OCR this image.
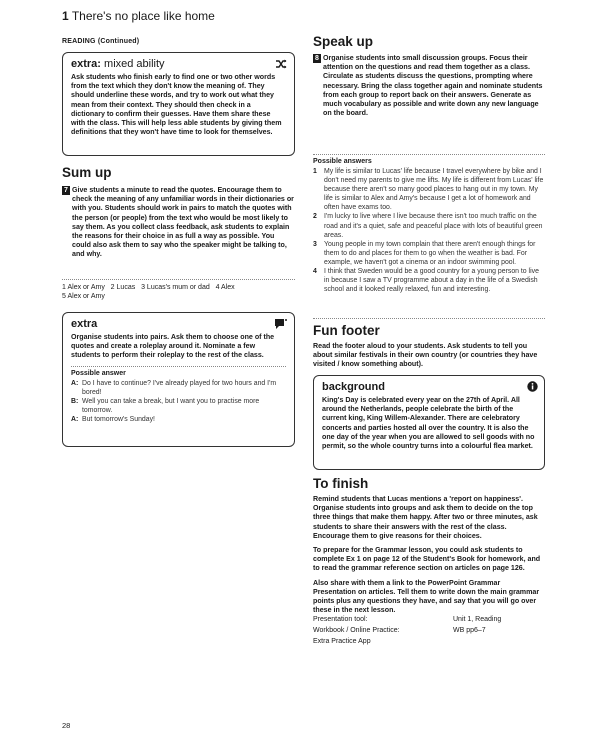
1 There's no place like home
READING (Continued)
extra: mixed ability

Ask students who finish early to find one or two other words from the text which they don't know the meaning of. They should underline these words, and try to work out what they mean from their context. They should then check in a dictionary to confirm their guesses. Have them share these with the class. This will help less able students by giving them definitions that they won't have time to look for themselves.

Sum up

7 Give students a minute to read the quotes. Encourage them to check the meaning of any unfamiliar words in their dictionaries or with you. Students should work in pairs to match the quotes with the person (or people) from the text who would be most likely to say them. As you collect class feedback, ask students to explain the reasons for their choice in as full a way as possible. You could also ask them to say who the speaker might be talking to, and why.

1 Alex or Amy 2 Lucas 3 Lucas's mum or dad 4 Alex
5 Alex or Amy
extra

Organise students into pairs. Ask them to choose one of the quotes and create a roleplay around it. Nominate a few students to perform their roleplay to the rest of the class.

Possible answer
A: Do I have to continue? I've already played for two hours and I'm bored!
B: Well you can take a break, but I want you to practise more tomorrow.
A: But tomorrow's Sunday!

Speak up

8 Organise students into small discussion groups. Focus their attention on the questions and read them together as a class. Circulate as students discuss the questions, prompting where necessary. Bring the class together again and nominate students from each group to report back on their answers. Generate as much vocabulary as possible and write down any new language on the board.

Possible answers
1	My life is similar to Lucas' life because I travel everywhere by bike and I don't need my parents to give me lifts. My life is different from Lucas' life because there aren't so many good places to hang out in my town. My life is similar to Alex and Amy's because I get a lot of homework and often have exams too.
2	I'm lucky to live where I live because there isn't too much traffic on the road and it's a quiet, safe and peaceful place with lots of beautiful green areas.
3	Young people in my town complain that there aren't enough things for them to do and places for them to go when the weather is bad. For example, we haven't got a cinema or an indoor swimming pool.
4	I think that Sweden would be a good country for a young person to live in because I saw a TV programme about a day in the life of a Swedish school and it looked really relaxed, fun and interesting.

Fun footer

Read the footer aloud to your students. Ask students to tell you about similar festivals in their own country (or countries they have visited / know something about).

background

King's Day is celebrated every year on the 27th of April. All around the Netherlands, people celebrate the birth of the current king, King Willem-Alexander. There are celebratory concerts and parties hosted all over the country. It is also the one day of the year when you are allowed to sell goods with no permit, so the whole country turns into a colourful flea market.

To finish

Remind students that Lucas mentions a 'report on happiness'. Organise students into groups and ask them to decide on the top three things that make them happy. After two or three minutes, ask students to share their answers with the rest of the class. Encourage them to give reasons for their choices.

To prepare for the Grammar lesson, you could ask students to complete Ex 1 on page 12 of the Student's Book for homework, and to read the grammar reference section on articles on page 126.

Also share with them a link to the PowerPoint Grammar Presentation on articles. Tell them to write down the main grammar points plus any questions they have, and say that you will go over these in the next lesson.

Presentation tool:	Unit 1, Reading
Workbook / Online Practice:	WB pp6–7
Extra Practice App
28
